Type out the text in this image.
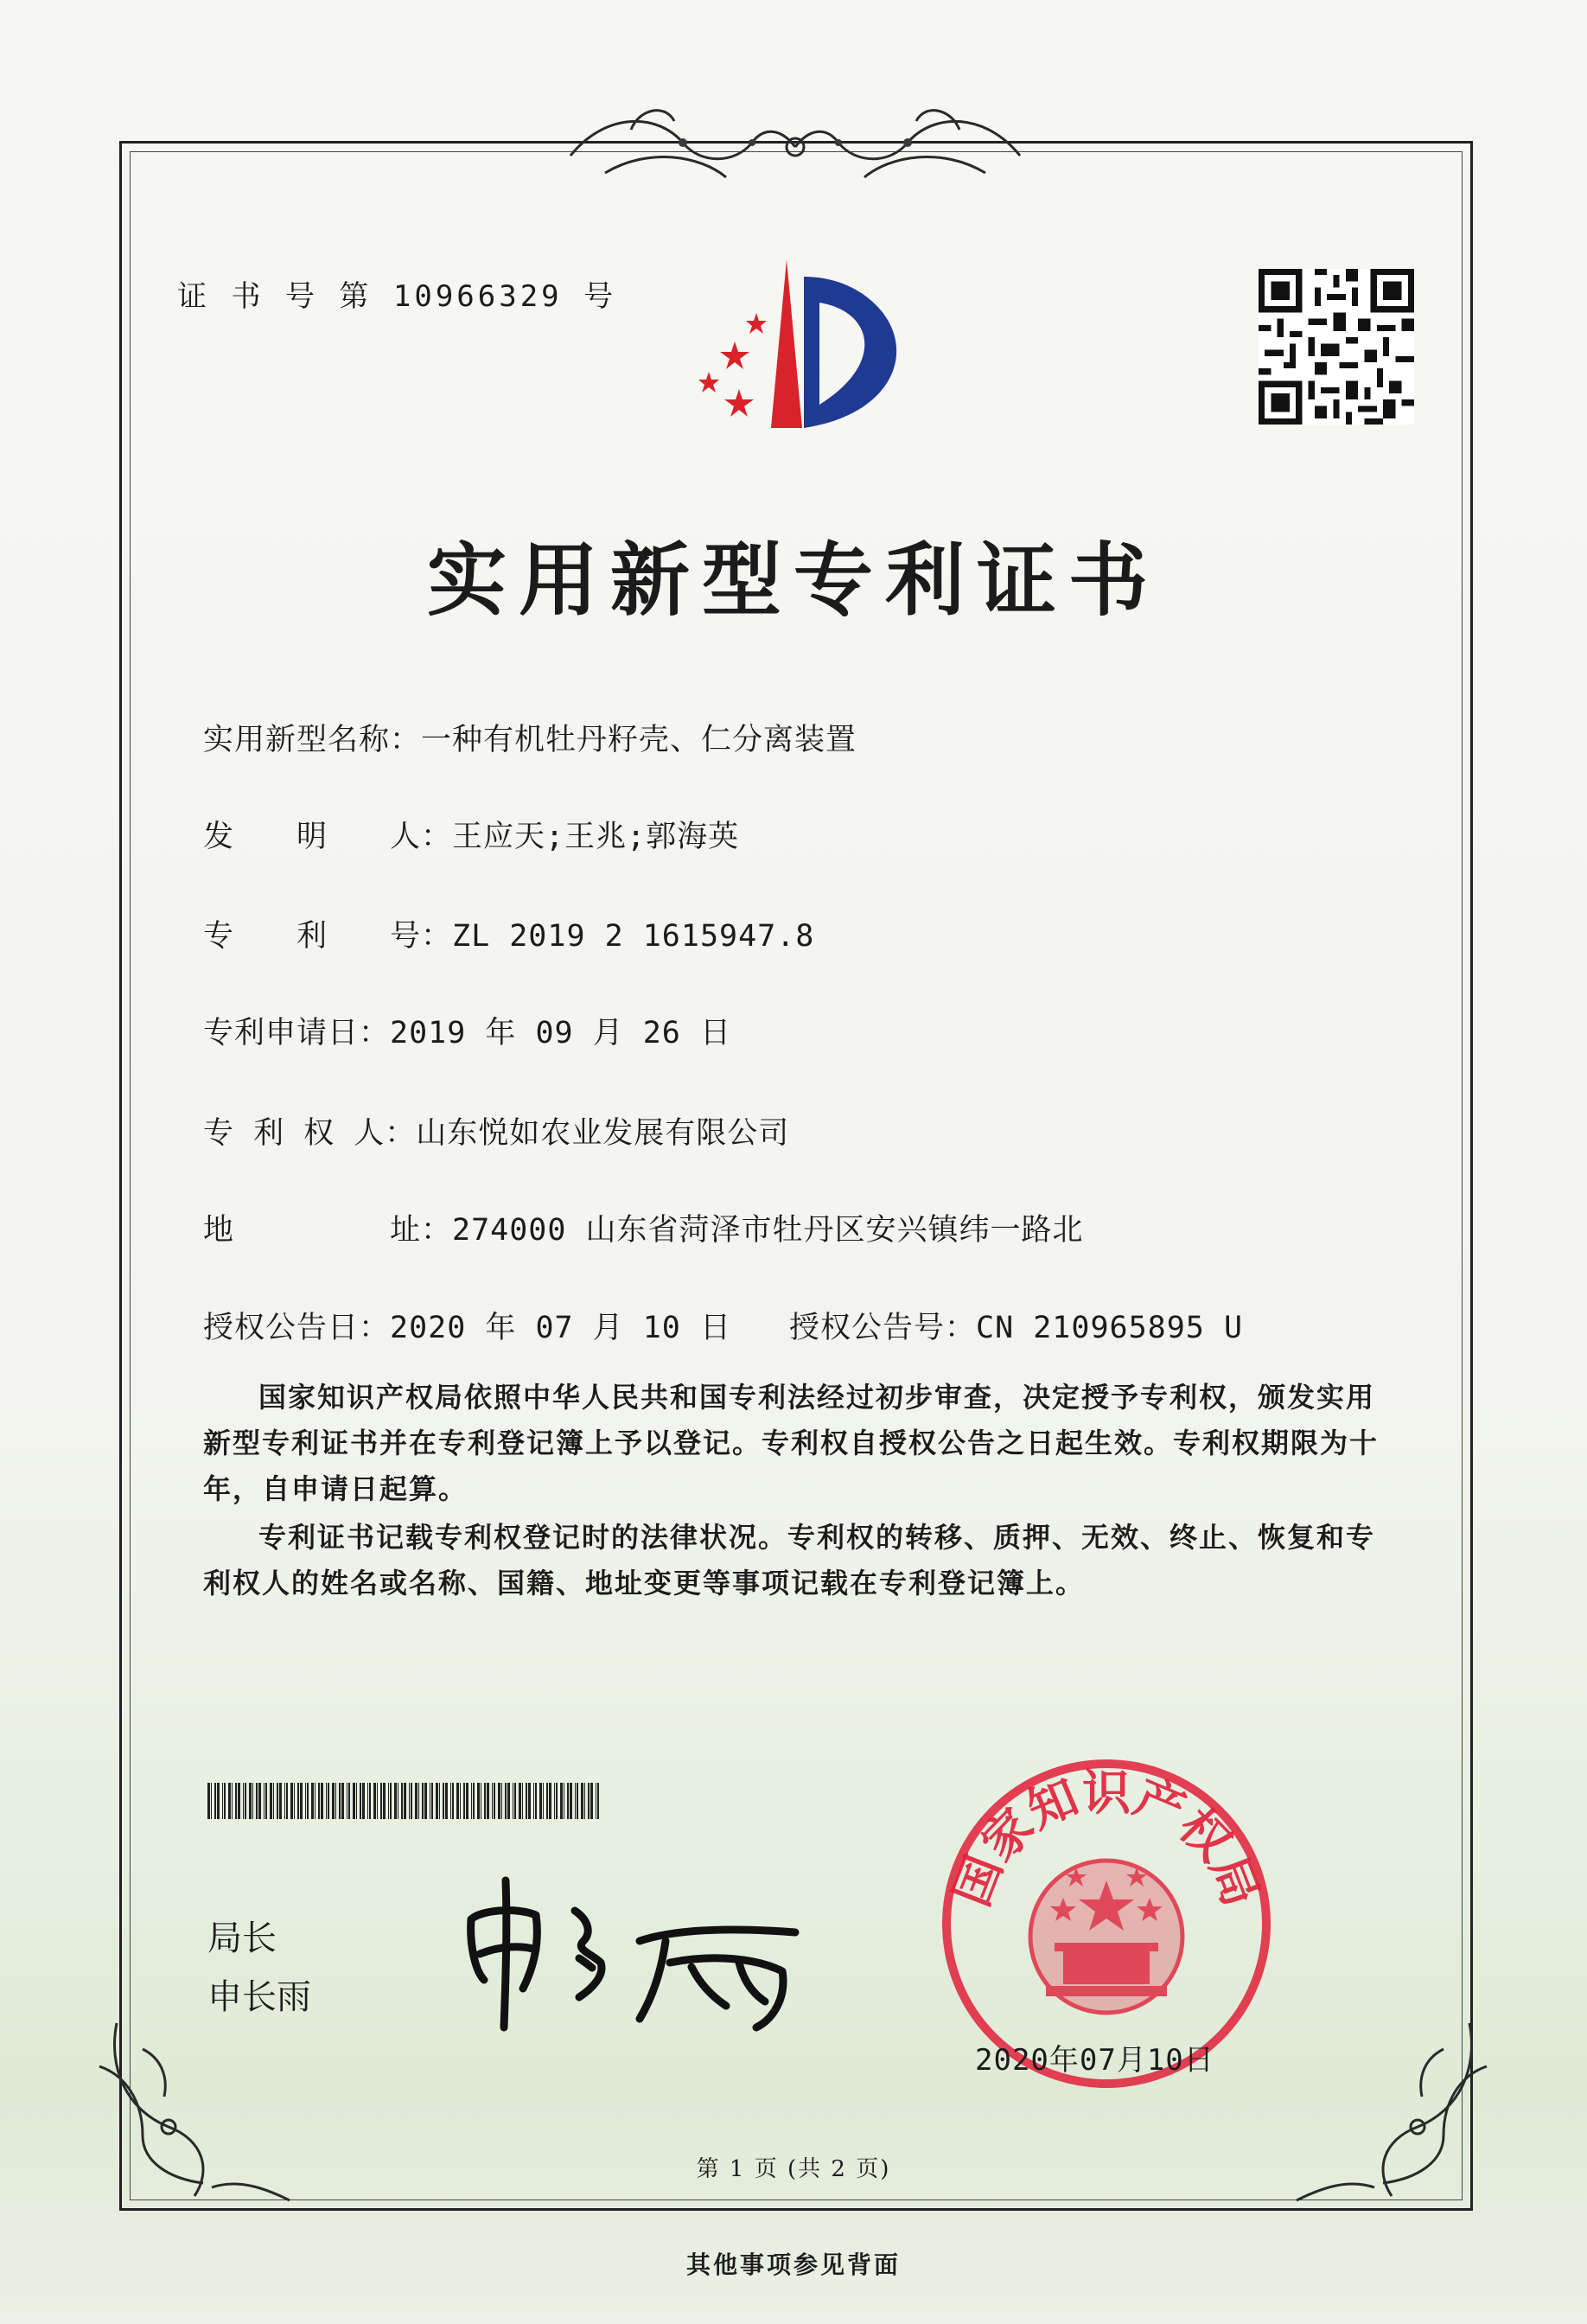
证 书 号 第 10966329 号
实用新型专利证书
实用新型名称：一种有机牡丹籽壳、仁分离装置
发　　明　　人：王应天;王兆;郭海英
专　　利　　号：ZL 2019 2 1615947.8
专利申请日：2019 年 09 月 26 日
专 利 权 人：山东悦如农业发展有限公司
地　　　　　址：274000 山东省菏泽市牡丹区安兴镇纬一路北
授权公告日：2020 年 07 月 10 日 授权公告号：CN 210965895 U
国家知识产权局依照中华人民共和国专利法经过初步审查，决定授予专利权，颁发实用新型专利证书并在专利登记簿上予以登记。专利权自授权公告之日起生效。专利权期限为十年，自申请日起算。
专利证书记载专利权登记时的法律状况。专利权的转移、质押、无效、终止、恢复和专利权人的姓名或名称、国籍、地址变更等事项记载在专利登记簿上。
局长
申长雨
国家知识产权局
2020年07月10日
第 1 页 (共 2 页)
其他事项参见背面
